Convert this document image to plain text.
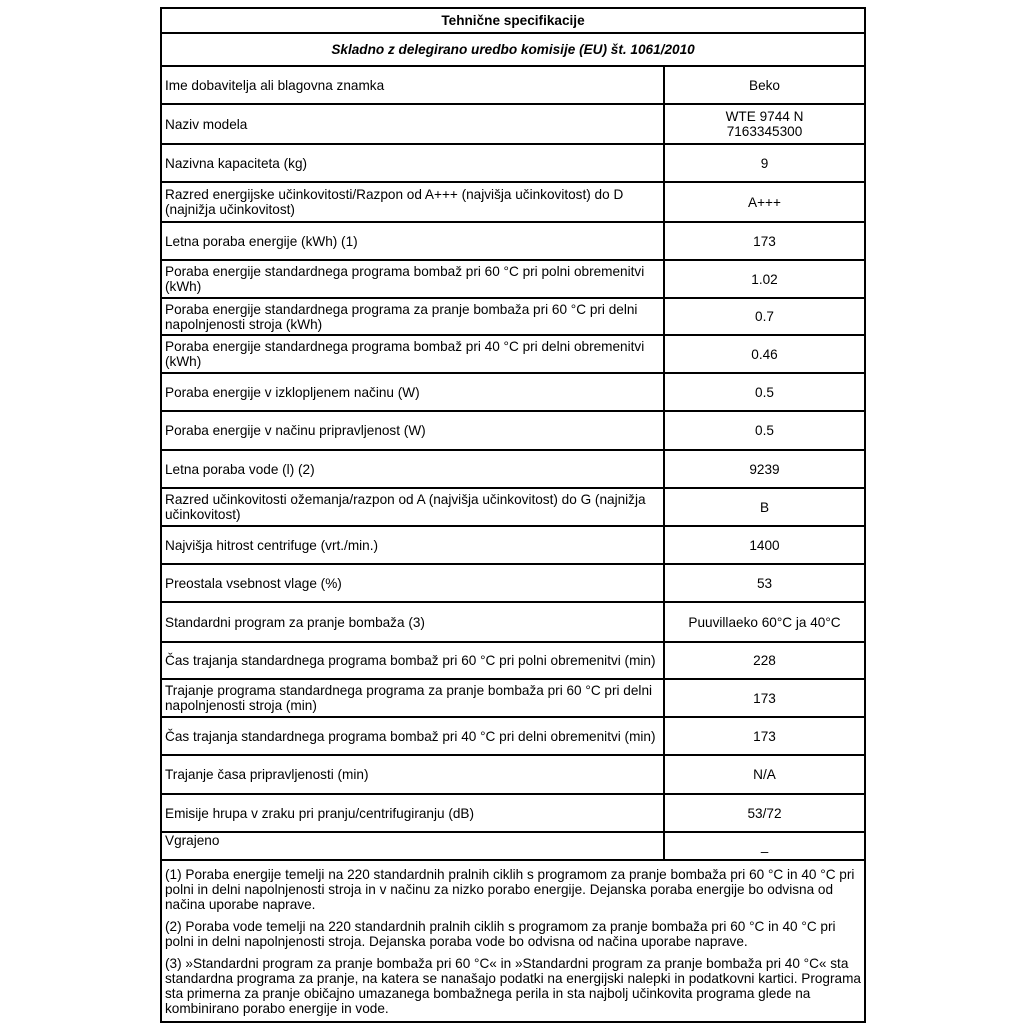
Tehnične specifikacije	
Skladno z delegirano uredbo komisije (EU) št. 1061/2010	
Ime dobavitelja ali blagovna znamka	Beko
Naziv modela	WTE 9744 N
7163345300

Nazivna kapaciteta (kg)	9
Razred energijske učinkovitosti/Razpon od A+++ (najvišja učinkovitost) do D (najnižja učinkovitost)	A+++
Letna poraba energije (kWh) (1)	173
Poraba energije standardnega programa bombaž pri 60 °C pri polni obremenitvi (kWh)	1.02
Poraba energije standardnega programa za pranje bombaža pri 60 °C pri delni napolnjenosti stroja (kWh)	0.7
Poraba energije standardnega programa bombaž pri 40 °C pri delni obremenitvi (kWh)	0.46
Poraba energije v izklopljenem načinu (W)	0.5
Poraba energije v načinu pripravljenost (W)	0.5
Letna poraba vode (l) (2)	9239
Razred učinkovitosti ožemanja/razpon od A (najvišja učinkovitost) do G (najnižja učinkovitost)	B
Najvišja hitrost centrifuge (vrt./min.)	1400
Preostala vsebnost vlage (%)	53
Standardni program za pranje bombaža (3)	Puuvillaeko 60°C ja 40°C
Čas trajanja standardnega programa bombaž pri 60 °C pri polni obremenitvi (min)	228
Trajanje programa standardnega programa za pranje bombaža pri 60 °C pri delni napolnjenosti stroja (min)	173
Čas trajanja standardnega programa bombaž pri 40 °C pri delni obremenitvi (min)	173
Trajanje časa pripravljenosti (min)	N/A
Emisije hrupa v zraku pri pranju/centrifugiranju (dB)	53/72
Vgrajeno	–

(1) Poraba energije temelji na 220 standardnih pralnih ciklih s programom za pranje bombaža pri 60 °C in 40 °C pri polni in delni napolnjenosti stroja in v načinu za nizko porabo energije. Dejanska poraba energije bo odvisna od načina uporabe naprave.

(2) Poraba vode temelji na 220 standardnih pralnih ciklih s programom za pranje bombaža pri 60 °C in 40 °C pri polni in delni napolnjenosti stroja. Dejanska poraba vode bo odvisna od načina uporabe naprave.

(3) »Standardni program za pranje bombaža pri 60 °C« in »Standardni program za pranje bombaža pri 40 °C« sta standardna programa za pranje, na katera se nanašajo podatki na energijski nalepki in podatkovni kartici. Programa sta primerna za pranje običajno umazanega bombažnega perila in sta najbolj učinkovita programa glede na kombinirano porabo energije in vode.	
